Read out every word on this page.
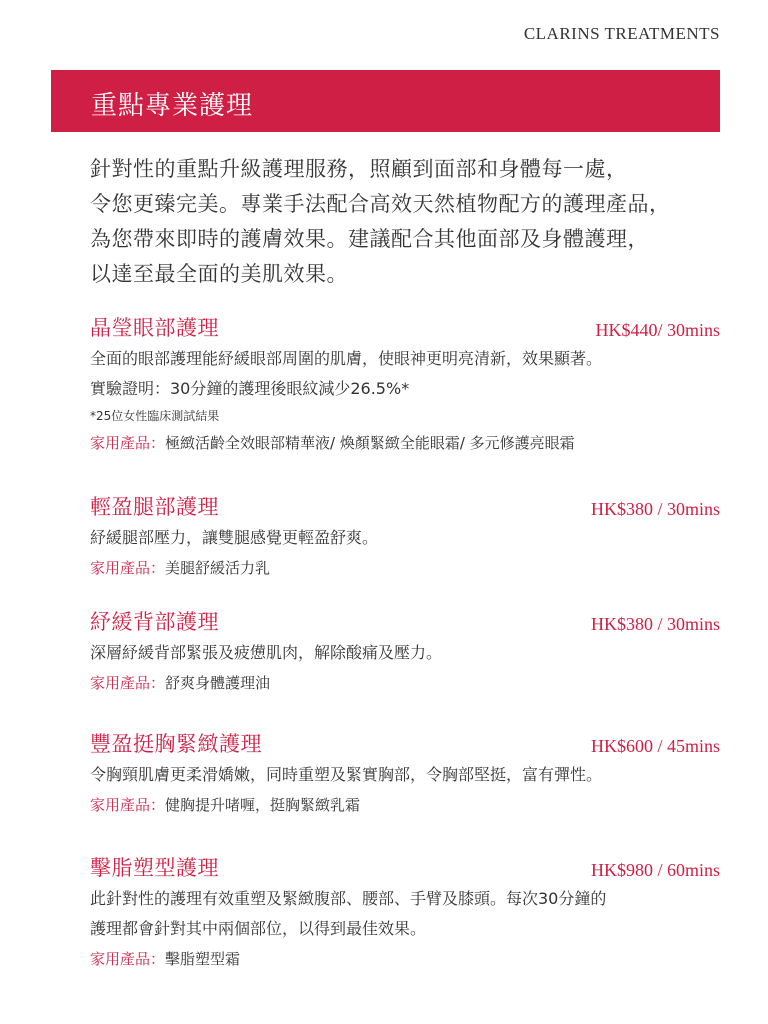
CLARINS TREATMENTS
重點專業護理
針對性的重點升級護理服務，照顧到面部和身體每一處，
令您更臻完美。專業手法配合高效天然植物配方的護理產品，
為您帶來即時的護膚效果。建議配合其他面部及身體護理，
以達至最全面的美肌效果。
晶瑩眼部護理	HK$440/ 30mins
全面的眼部護理能紓緩眼部周圍的肌膚，使眼神更明亮清新，效果顯著。
實驗證明：30分鐘的護理後眼紋減少26.5%*
*25位女性臨床測試結果
家用產品：極緻活齡全效眼部精華液/ 煥顏緊緻全能眼霜/ 多元修護亮眼霜
輕盈腿部護理	HK$380 / 30mins
紓緩腿部壓力，讓雙腿感覺更輕盈舒爽。
家用產品：美腿舒緩活力乳
紓緩背部護理	HK$380 / 30mins
深層紓緩背部緊張及疲憊肌肉，解除酸痛及壓力。
家用產品：舒爽身體護理油
豐盈挺胸緊緻護理	HK$600 / 45mins
令胸頸肌膚更柔滑嬌嫩，同時重塑及緊實胸部，令胸部堅挺，富有彈性。
家用產品：健胸提升啫喱，挺胸緊緻乳霜
擊脂塑型護理	HK$980 / 60mins
此針對性的護理有效重塑及緊緻腹部、腰部、手臂及膝頭。每次30分鐘的
護理都會針對其中兩個部位，以得到最佳效果。
家用產品：擊脂塑型霜
